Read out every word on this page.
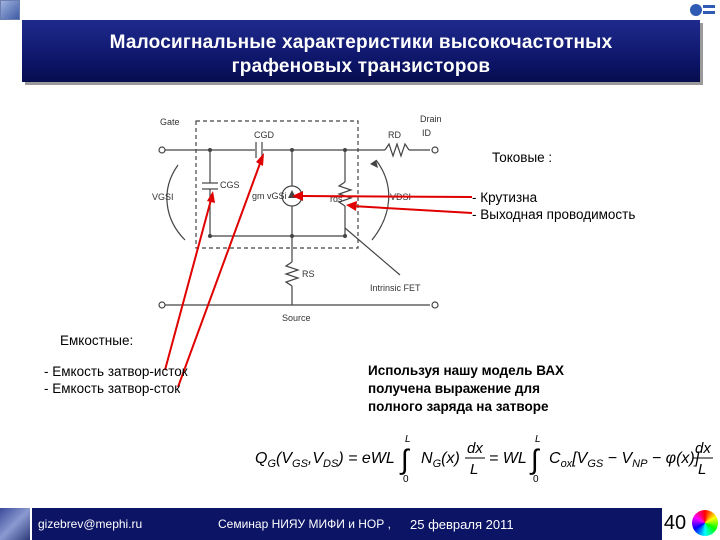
Малосигнальные характеристики высокочастотных
графеновых транзисторов
Gate	Drain
ID
Source
Intrinsic FET
CGD
CGS
RD
RS
rds
VGSI	VDSI
gm vGSi
Токовые :
- Крутизна
- Выходная проводимость
Емкостные:
- Емкость затвор-исток
- Емкость затвор-сток
Используя нашу модель ВАХ
получена выражение для
полного заряда на затворе
$Q_G(V_{GS},V_{DS})$ = eWL ∫
L
0
$N_G(x)$
dx
L
= WL ∫
L
0
$C_{ox}[V_{GS} - V_{NP} - \varphi(x)]$
dx
L
gizebrev@mephi.ru	Семинар НИЯУ МИФИ и НОР , 25 февраля 2011	40
